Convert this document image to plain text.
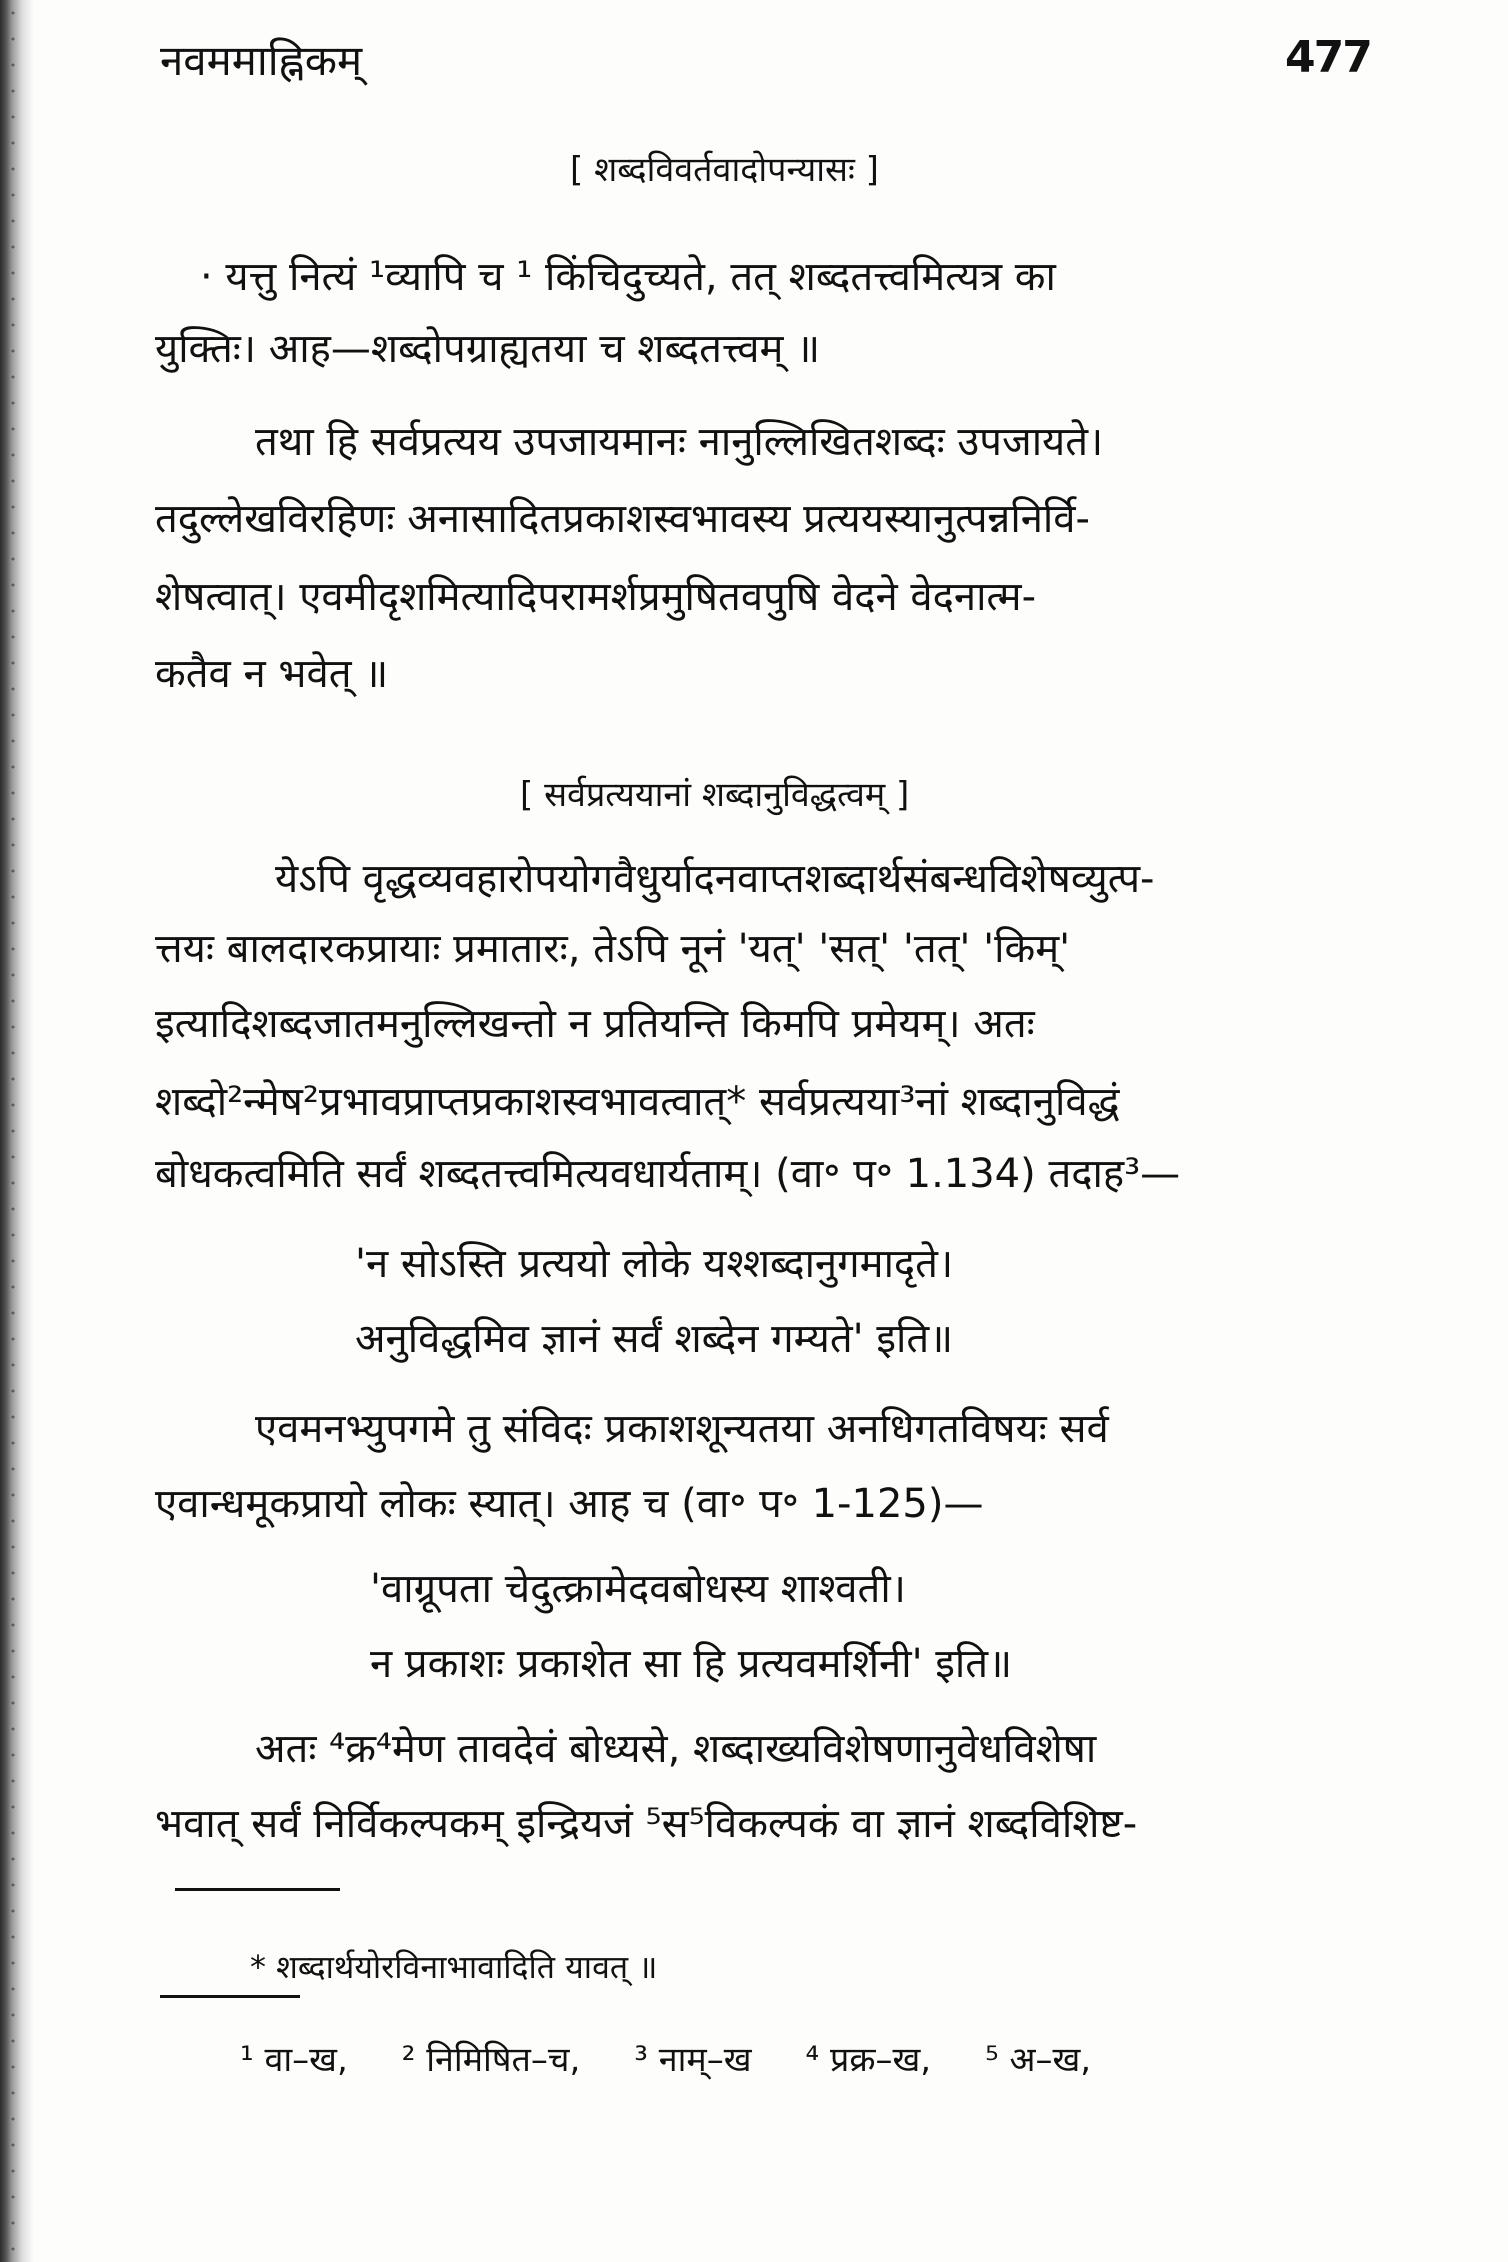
नवममाह्निकम्	477
[ शब्दविवर्तवादोपन्यासः ]
· यत्तु नित्यं ¹व्यापि च ¹ किंचिदुच्यते, तत् शब्दतत्त्वमित्यत्र का
युक्तिः। आह—शब्दोपग्राह्यतया च शब्दतत्त्वम् ॥
तथा हि सर्वप्रत्यय उपजायमानः नानुल्लिखितशब्दः उपजायते।
तदुल्लेखविरहिणः अनासादितप्रकाशस्वभावस्य प्रत्ययस्यानुत्पन्ननिर्वि-
शेषत्वात्। एवमीदृशमित्यादिपरामर्शप्रमुषितवपुषि वेदने वेदनात्म-
कतैव न भवेत् ॥
[ सर्वप्रत्ययानां शब्दानुविद्धत्वम् ]
येऽपि वृद्धव्यवहारोपयोगवैधुर्यादनवाप्तशब्दार्थसंबन्धविशेषव्युत्प-
त्तयः बालदारकप्रायाः प्रमातारः, तेऽपि नूनं 'यत्' 'सत्' 'तत्' 'किम्'
इत्यादिशब्दजातमनुल्लिखन्तो न प्रतियन्ति किमपि प्रमेयम्। अतः
शब्दो²न्मेष²प्रभावप्राप्तप्रकाशस्वभावत्वात्* सर्वप्रत्यया³नां शब्दानुविद्धं
बोधकत्वमिति सर्वं शब्दतत्त्वमित्यवधार्यताम्। (वा॰ प॰ 1.134) तदाह³—
'न सोऽस्ति प्रत्ययो लोके यश्शब्दानुगमादृते।
अनुविद्धमिव ज्ञानं सर्वं शब्देन गम्यते' इति॥
एवमनभ्युपगमे तु संविदः प्रकाशशून्यतया अनधिगतविषयः सर्व
एवान्धमूकप्रायो लोकः स्यात्। आह च (वा॰ प॰ 1-125)—
'वाग्रूपता चेदुत्क्रामेदवबोधस्य शाश्वती।
न प्रकाशः प्रकाशेत सा हि प्रत्यवमर्शिनी' इति॥
अतः ⁴क्र⁴मेण तावदेवं बोध्यसे, शब्दाख्यविशेषणानुवेधविशेषा
भवात् सर्वं निर्विकल्पकम् इन्द्रियजं ⁵स⁵विकल्पकं वा ज्ञानं शब्दविशिष्ट-
* शब्दार्थयोरविनाभावादिति यावत् ॥
¹ वा–ख, ² निमिषित–च, ³ नाम्–ख ⁴ प्रक्र–ख, ⁵ अ–ख,
